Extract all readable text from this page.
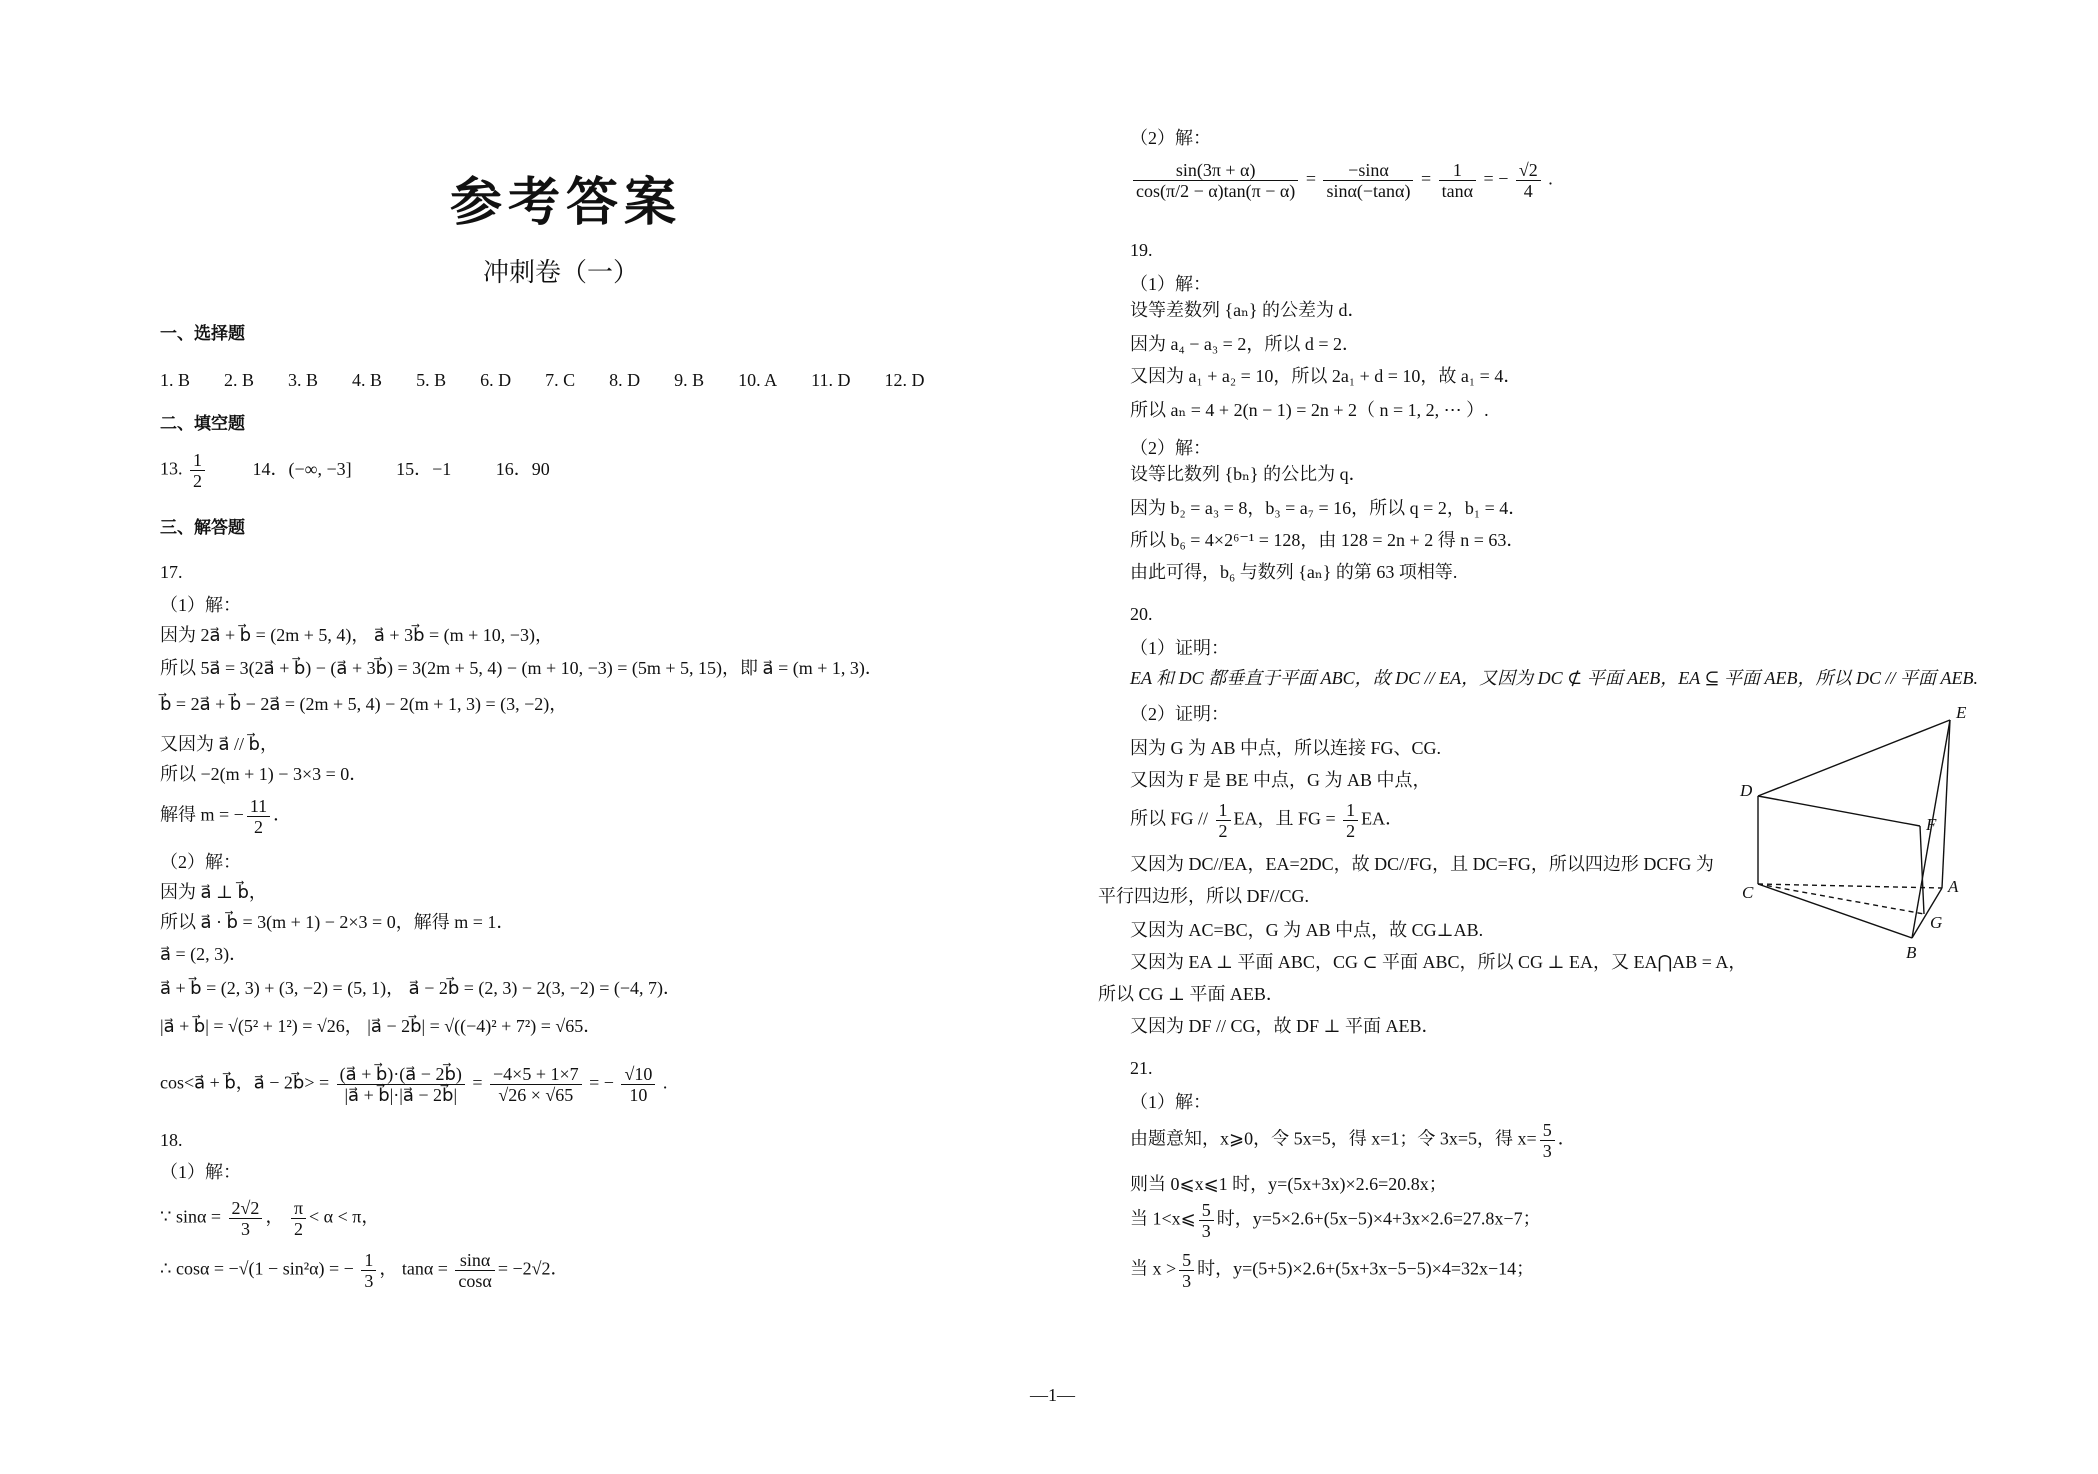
参考答案
冲刺卷（一）
一、选择题
1. B 2. B 3. B 4. B 5. B 6. D 7. C 8. D 9. B 10. A 11. D 12. D
二、填空题
13. $\frac{1}{2}$	14．(−∞, −3] 15．−1 16．90
三、解答题
17.
（1）解：
因为 2a⃗ + b⃗ = (2m + 5, 4)， a⃗ + 3b⃗ = (m + 10, −3)，
所以 5a⃗ = 3(2a⃗ + b⃗) − (a⃗ + 3b⃗) = 3(2m + 5, 4) − (m + 10, −3) = (5m + 5, 15)，即 a⃗ = (m + 1, 3)．
b⃗ = 2a⃗ + b⃗ − 2a⃗ = (2m + 5, 4) − 2(m + 1, 3) = (3, −2)，
又因为 a⃗ // b⃗，
所以 −2(m + 1) − 3×3 = 0．
解得 m = − $\frac{11}{2}$ ．
（2）解：
因为 a⃗ ⊥ b⃗，
所以 a⃗ · b⃗ = 3(m + 1) − 2×3 = 0，解得 m = 1．
a⃗ = (2, 3)．
a⃗ + b⃗ = (2, 3) + (3, −2) = (5, 1)， a⃗ − 2b⃗ = (2, 3) − 2(3, −2) = (−4, 7)．
|a⃗ + b⃗| = √(5² + 1²) = √26， |a⃗ − 2b⃗| = √((−4)² + 7²) = √65．
cos<a⃗ + b⃗，a⃗ − 2b⃗> = $\frac{(a⃗ + b⃗)\cdot(a⃗ - 2b⃗)}{|a⃗ + b⃗|\cdot|a⃗ - 2b⃗|} = \frac{-4\times 5 + 1\times 7}{√26 \times √65}$ = − $\frac{√10}{10}$ .
18.
（1）解：
∵ $\sin\alpha = \frac{2√2}{3}$ ， $\frac{\pi}{2} < \alpha < \pi$，
∴ cosα = −√(1 − sin²α) = − $\frac{1}{3}$ ， $\tan\alpha = \frac{\sin\alpha}{\cos\alpha} = -2√2$．
（2）解：
$\frac{\sin(3\pi + \alpha)}{\cos(\pi/2 - \alpha)\tan(\pi - \alpha)} = \frac{-\sin\alpha}{\sin\alpha(-\tan\alpha)} = \frac{1}{\tan\alpha}$ = − $\frac{√2}{4}$ .
19.
（1）解：
设等差数列 {aₙ} 的公差为 d．
因为 a₄ − a₃ = 2，所以 d = 2．
又因为 a₁ + a₂ = 10，所以 2a₁ + d = 10，故 a₁ = 4．
所以 aₙ = 4 + 2(n − 1) = 2n + 2（ n = 1, 2, ⋯ ）.
（2）解：
设等比数列 {bₙ} 的公比为 q．
因为 b₂ = a₃ = 8，b₃ = a₇ = 16，所以 q = 2，b₁ = 4．
所以 b₆ = 4×2⁶⁻¹ = 128，由 128 = 2n + 2 得 n = 63．
由此可得，b₆ 与数列 {aₙ} 的第 63 项相等.
20.
（1）证明：
EA 和 DC 都垂直于平面 ABC，故 DC // EA，又因为 DC ⊄ 平面 AEB，EA ⊆ 平面 AEB，所以 DC // 平面 AEB.
（2）证明：
因为 G 为 AB 中点，所以连接 FG、CG.
又因为 F 是 BE 中点，G 为 AB 中点，
所以 FG // $\frac{1}{2}$ EA，且 FG = $\frac{1}{2}$ EA．
又因为 DC//EA，EA=2DC，故 DC//FG，且 DC=FG，所以四边形 DCFG 为
平行四边形，所以 DF//CG.
又因为 AC=BC，G 为 AB 中点，故 CG⊥AB.
又因为 EA ⊥ 平面 ABC，CG ⊂ 平面 ABC，所以 CG ⊥ EA，又 EA⋂AB = A，
所以 CG ⊥ 平面 AEB．
又因为 DF // CG，故 DF ⊥ 平面 AEB．
E
D
F
C	A
G
B
21.
（1）解：
由题意知，x⩾0，令 5x=5，得 x=1；令 3x=5，得 $x= \frac{5}{3}$ ．
则当 0⩽x⩽1 时，y=(5x+3x)×2.6=20.8x；
当 1<x⩽ $\frac{5}{3}$ 时，y=5×2.6+(5x−5)×4+3x×2.6=27.8x−7；
当 $x > \frac{5}{3}$ 时，y=(5+5)×2.6+(5x+3x−5−5)×4=32x−14；
—1—
